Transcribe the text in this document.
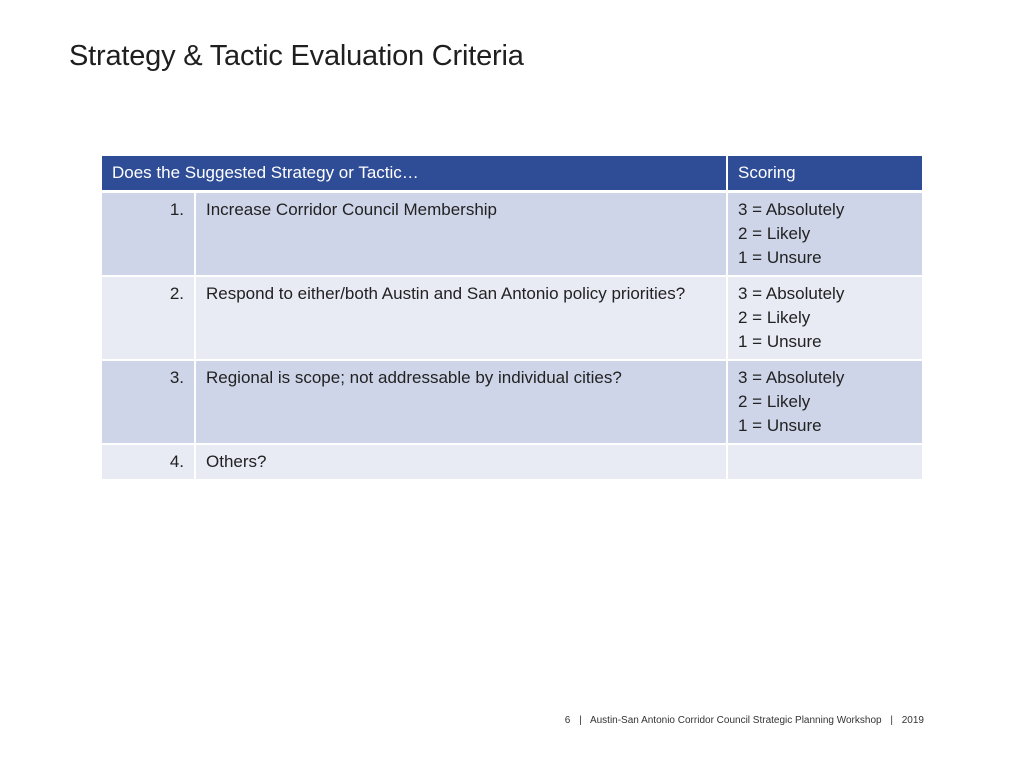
Strategy & Tactic Evaluation Criteria
Does the Suggested Strategy or Tactic…		Scoring
1.	Increase Corridor Council Membership	3 = Absolutely
2 = Likely
1 = Unsure

2.	Respond to either/both Austin and San Antonio policy priorities?	3 = Absolutely
2 = Likely
1 = Unsure

3.	Regional is scope; not addressable by individual cities?	3 = Absolutely
2 = Likely
1 = Unsure

4.	Others?	
6 | Austin-San Antonio Corridor Council Strategic Planning Workshop | 2019
